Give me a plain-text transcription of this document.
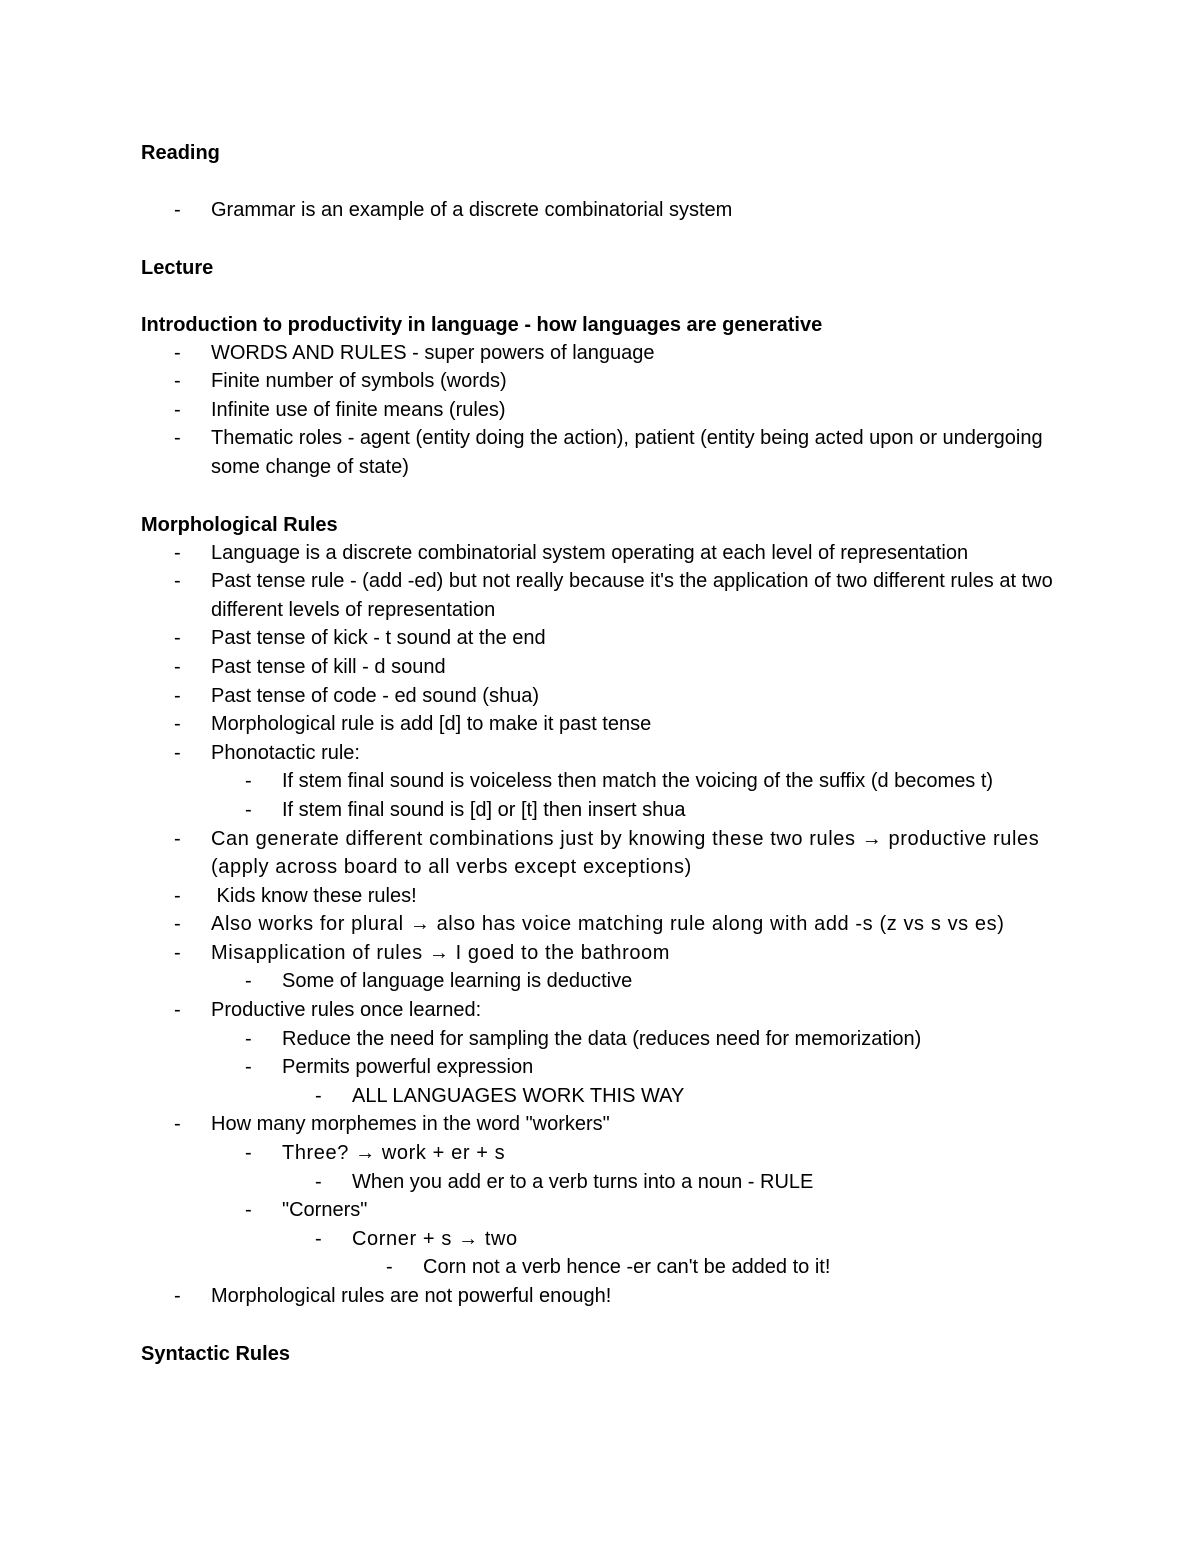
Reading

- Grammar is an example of a discrete combinatorial system

Lecture

Introduction to productivity in language - how languages are generative

- WORDS AND RULES - super powers of language
- Finite number of symbols (words)
- Infinite use of finite means (rules)
- Thematic roles - agent (entity doing the action), patient (entity being acted upon or undergoing some change of state)

Morphological Rules

- Language is a discrete combinatorial system operating at each level of representation
- Past tense rule - (add -ed) but not really because it's the application of two different rules at two different levels of representation
- Past tense of kick - t sound at the end
- Past tense of kill - d sound
- Past tense of code - ed sound (shua)
- Morphological rule is add [d] to make it past tense
- Phonotactic rule:
- If stem final sound is voiceless then match the voicing of the suffix (d becomes t)
- If stem final sound is [d] or [t] then insert shua
- Can generate different combinations just by knowing these two rules → productive rules (apply across board to all verbs except exceptions)
- Kids know these rules!
- Also works for plural → also has voice matching rule along with add -s (z vs s vs es)
- Misapplication of rules → I goed to the bathroom
- Some of language learning is deductive
- Productive rules once learned:
- Reduce the need for sampling the data (reduces need for memorization)
- Permits powerful expression
- ALL LANGUAGES WORK THIS WAY
- How many morphemes in the word "workers"
- Three? → work + er + s
- When you add er to a verb turns into a noun - RULE
- "Corners"
- Corner + s → two
- Corn not a verb hence -er can't be added to it!
- Morphological rules are not powerful enough!

Syntactic Rules
